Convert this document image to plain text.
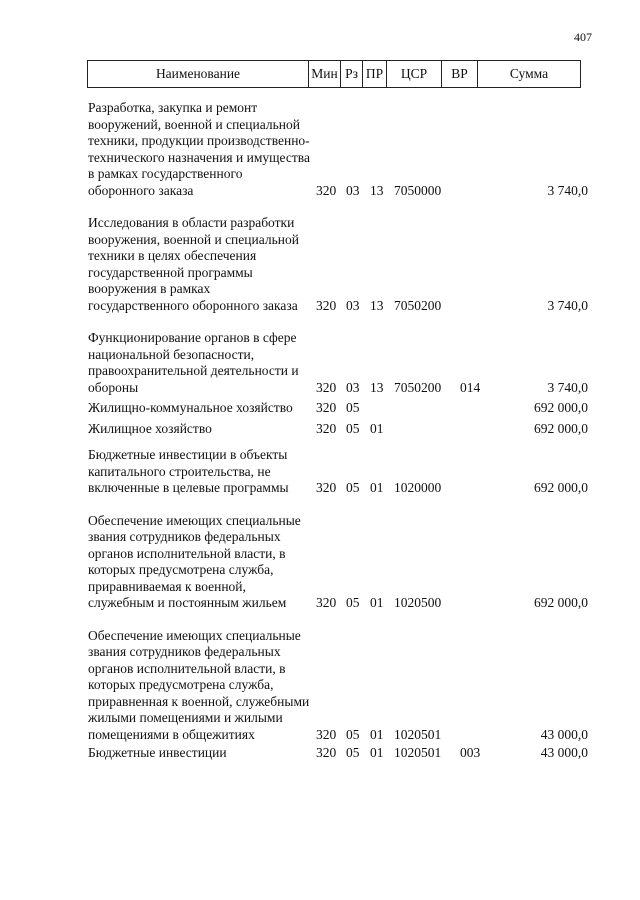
407
Наименование	Мин Рз ПР	ЦСР	ВР	Сумма
Разработка, закупка и ремонт вооружений, военной и специальной техники, продукции производственно-технического назначения и имущества в рамках государственного оборонного заказа	320 03 13 7050000	3 740,0
Исследования в области разработки вооружения, военной и специальной техники в целях обеспечения государственной программы вооружения в рамках государственного оборонного заказа	320 03 13 7050200	3 740,0
Функционирование органов в сфере национальной безопасности, правоохранительной деятельности и обороны	320 03 13 7050200	014	3 740,0
Жилищно-коммунальное хозяйство	320 05	692 000,0
Жилищное хозяйство	320 05 01	692 000,0
Бюджетные инвестиции в объекты капитального строительства, не включенные в целевые программы	320 05 01 1020000	692 000,0
Обеспечение имеющих специальные звания сотрудников федеральных органов исполнительной власти, в которых предусмотрена служба, приравниваемая к военной, служебным и постоянным жильем	320 05 01 1020500	692 000,0
Обеспечение имеющих специальные звания сотрудников федеральных органов исполнительной власти, в которых предусмотрена служба, приравненная к военной, служебными жилыми помещениями и жилыми помещениями в общежитиях	320 05 01 1020501	43 000,0
Бюджетные инвестиции	320 05 01 1020501	003	43 000,0
